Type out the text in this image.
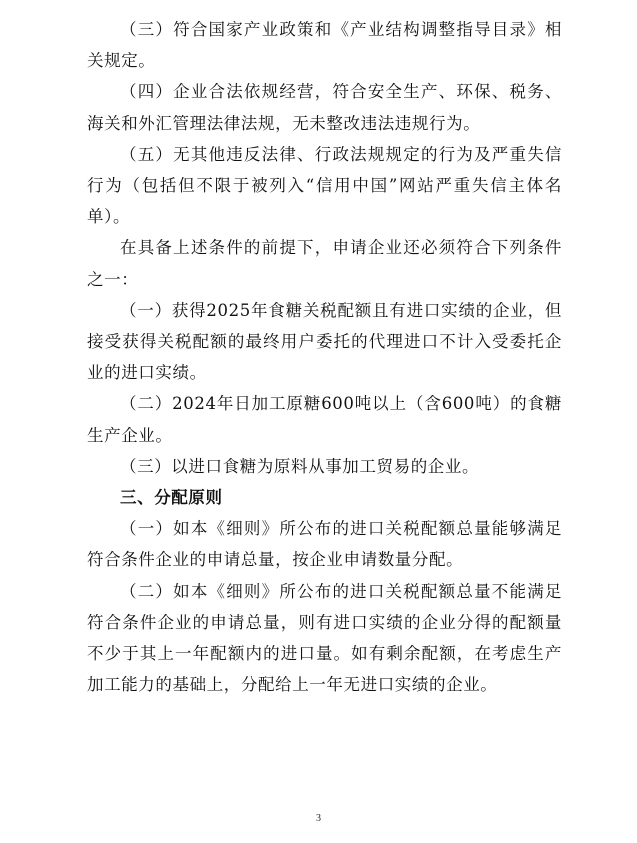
（三）符合国家产业政策和《产业结构调整指导目录》相关规定。

（四）企业合法依规经营，符合安全生产、环保、税务、海关和外汇管理法律法规，无未整改违法违规行为。

（五）无其他违反法律、行政法规规定的行为及严重失信行为（包括但不限于被列入“信用中国”网站严重失信主体名单）。

在具备上述条件的前提下，申请企业还必须符合下列条件之一：

（一）获得2025年食糖关税配额且有进口实绩的企业，但接受获得关税配额的最终用户委托的代理进口不计入受委托企业的进口实绩。

（二）2024年日加工原糖600吨以上（含600吨）的食糖生产企业。

（三）以进口食糖为原料从事加工贸易的企业。

三、分配原则

（一）如本《细则》所公布的进口关税配额总量能够满足符合条件企业的申请总量，按企业申请数量分配。

（二）如本《细则》所公布的进口关税配额总量不能满足符合条件企业的申请总量，则有进口实绩的企业分得的配额量不少于其上一年配额内的进口量。如有剩余配额，在考虑生产加工能力的基础上，分配给上一年无进口实绩的企业。

3
